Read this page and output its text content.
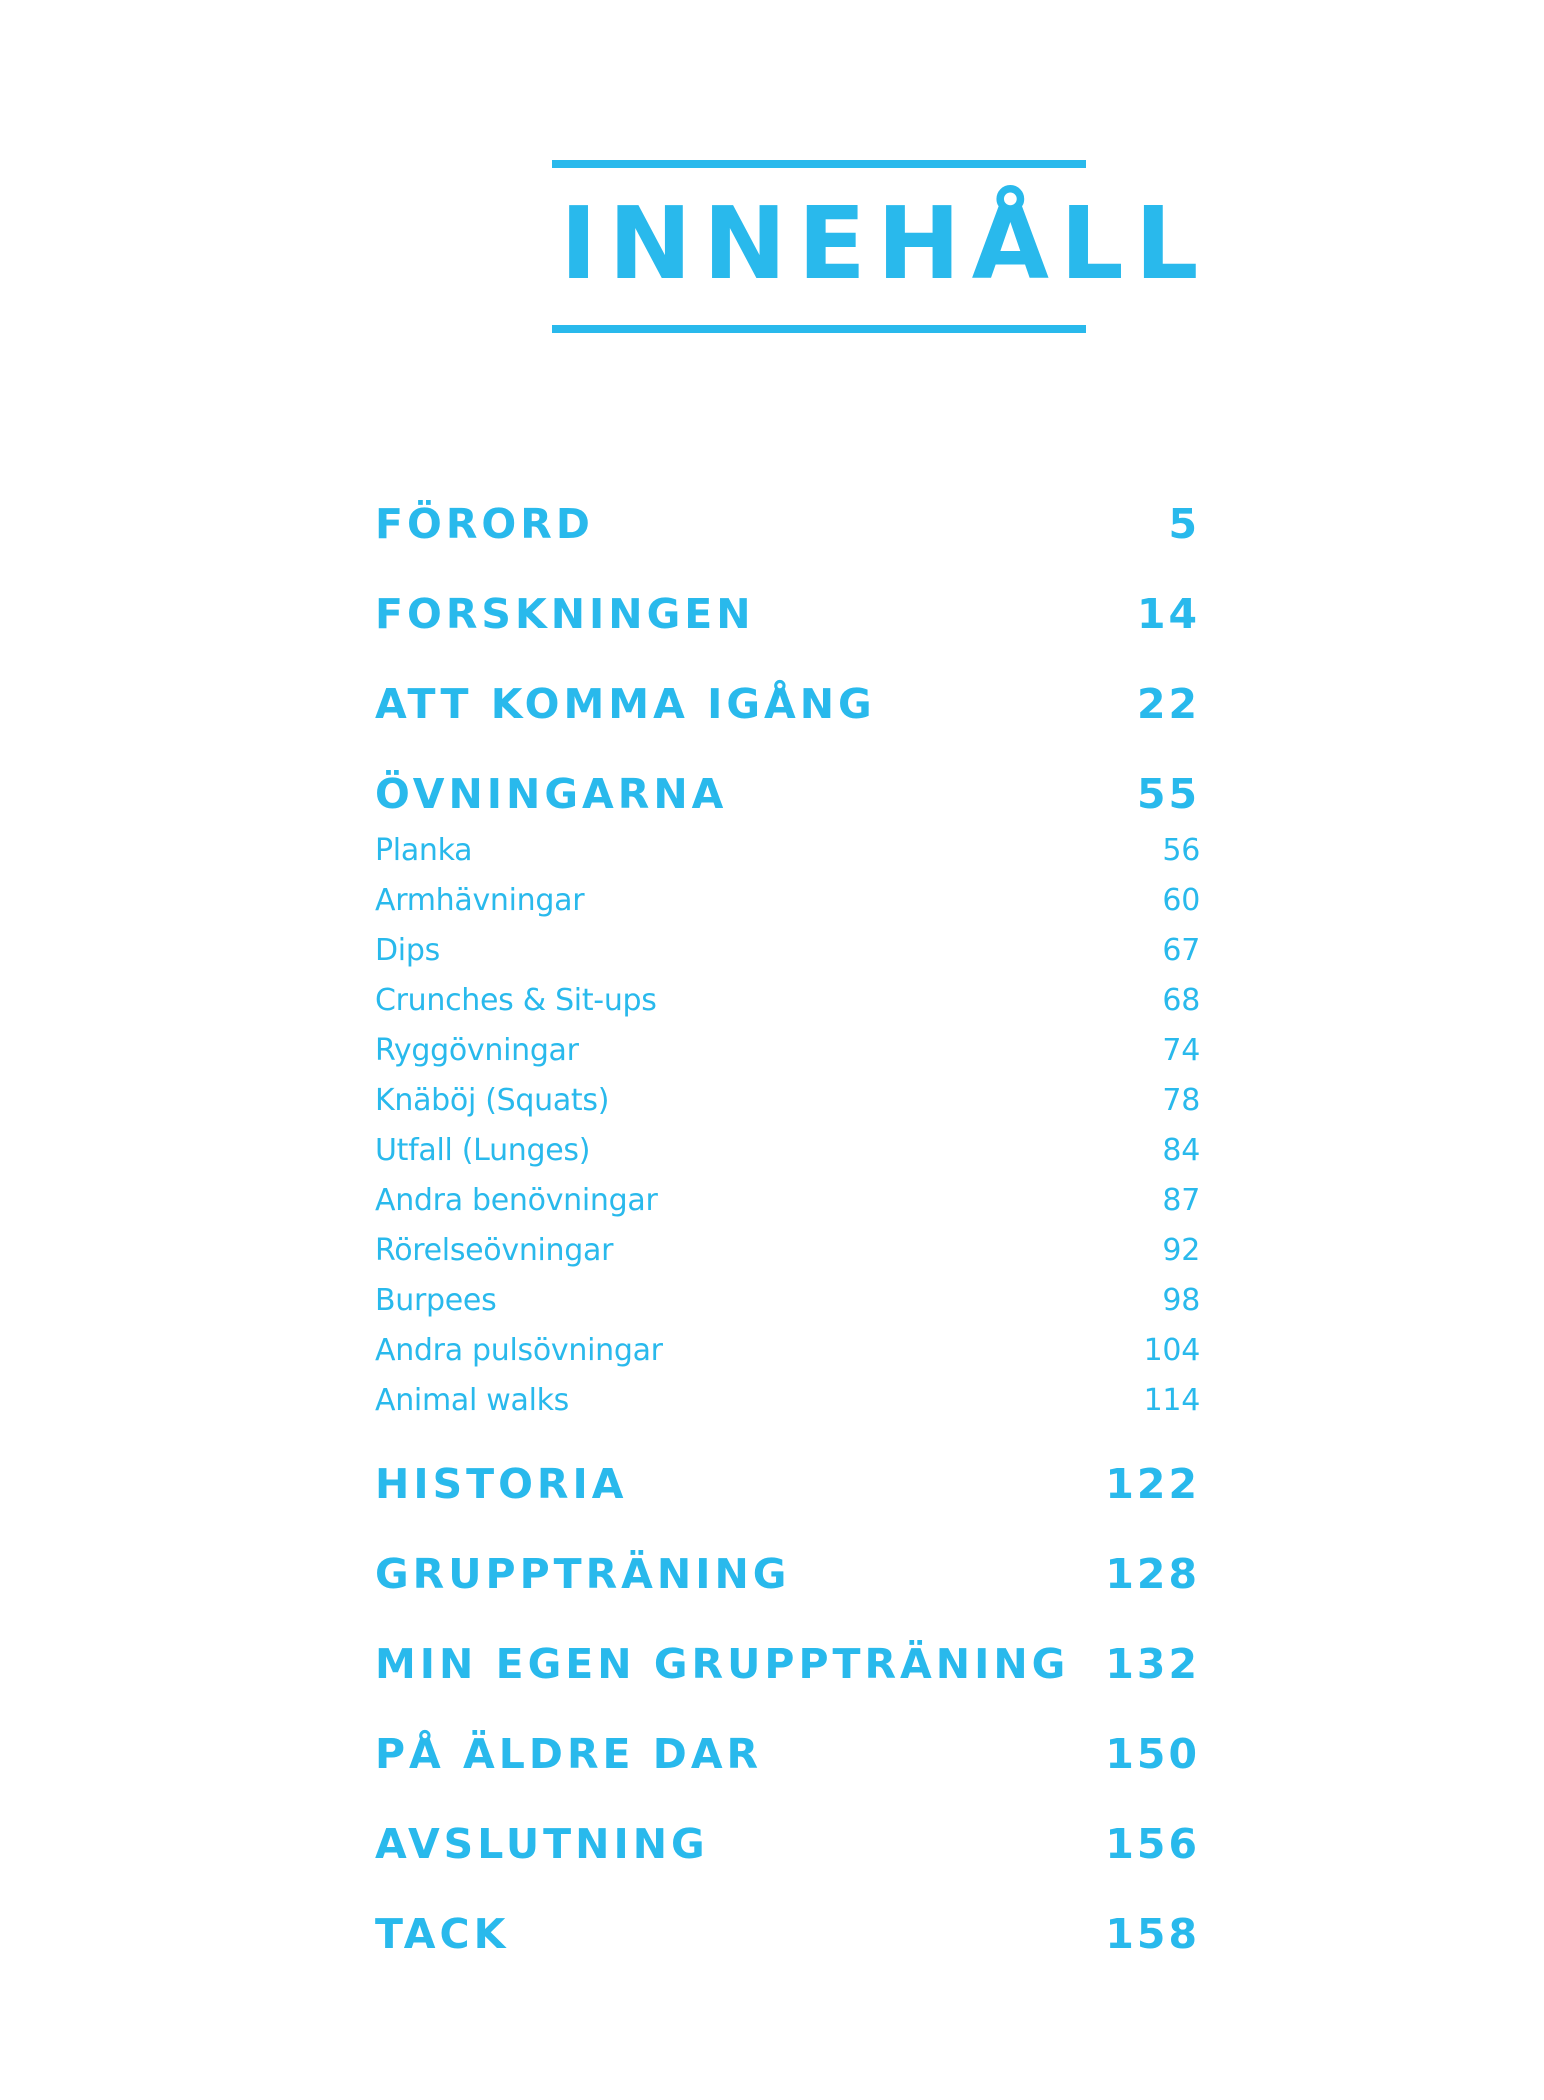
INNEHÅLL
FÖRORD	5
FORSKNINGEN	14
ATT KOMMA IGÅNG	22
ÖVNINGARNA	55
Planka	56
Armhävningar	60
Dips	67
Crunches & Sit-ups	68
Ryggövningar	74
Knäböj (Squats)	78
Utfall (Lunges)	84
Andra benövningar	87
Rörelseövningar	92
Burpees	98
Andra pulsövningar	104
Animal walks	114
HISTORIA	122
GRUPPTRÄNING	128
MIN EGEN GRUPPTRÄNING 132
PÅ ÄLDRE DAR	150
AVSLUTNING	156
TACK	158
